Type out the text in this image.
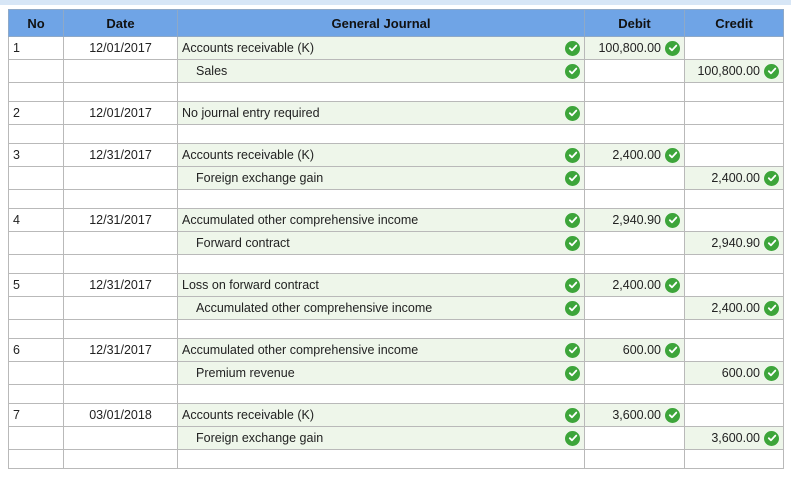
No	Date	General Journal	Debit	Credit
1	12/01/2017	Accounts receivable (K)	100,800.00	

		Sales		100,800.00

2	12/01/2017	No journal entry required		

3	12/31/2017	Accounts receivable (K)	2,400.00	

		Foreign exchange gain		2,400.00

4	12/31/2017	Accumulated other comprehensive income	2,940.90	

		Forward contract		2,940.90

5	12/31/2017	Loss on forward contract	2,400.00	

		Accumulated other comprehensive income		2,400.00

6	12/31/2017	Accumulated other comprehensive income	600.00	

		Premium revenue		600.00

7	03/01/2018	Accounts receivable (K)	3,600.00	

		Foreign exchange gain		3,600.00
